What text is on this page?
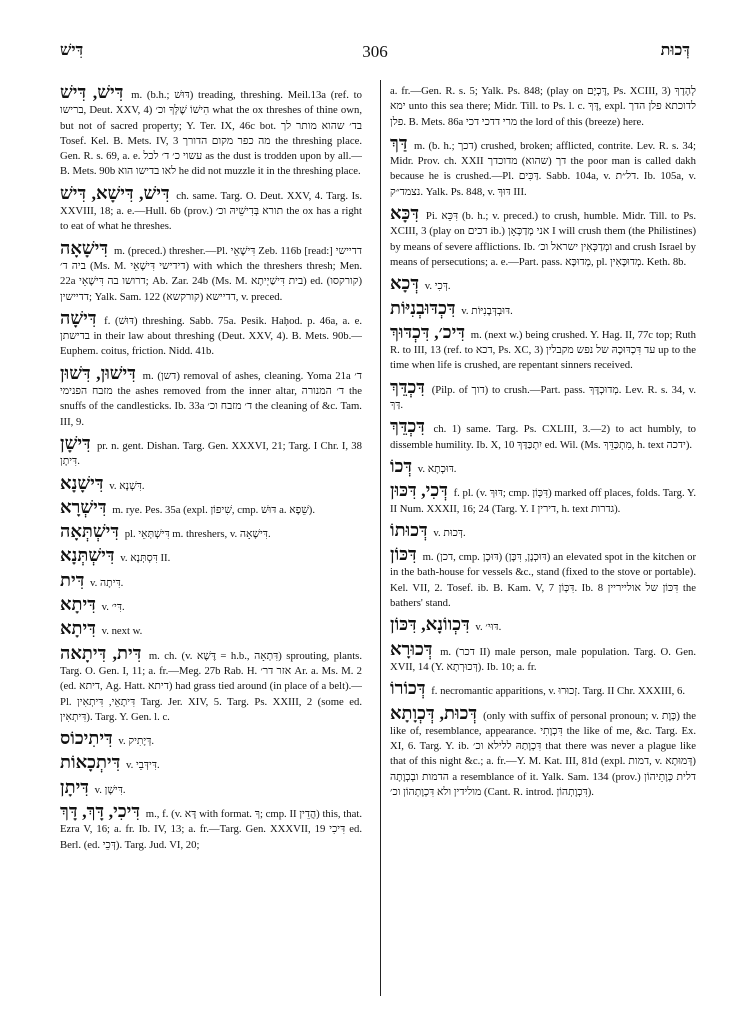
דִּישׁ	306	דְּכוּת

דִּישׁ, דִּישׁ m. (b.h.; דּוּשׁ) treading, threshing. Meil.13a (ref. to ברישו, Deut. XXV, 4) הִישׁוֹ שֶׁלְּךָ וכ׳ what the ox threshes of thine own, but not of sacred property; Y. Ter. IX, 46c bot. בד׳ שהוא מותר לך Tosef. Kel. B. Mets. IV, 3 מה כפר מקום הדורך the threshing place. Gen. R. s. 69, a. e. עשוי כ׳ ד׳ לכל as the dust is trodden upon by all.—B. Mets. 90b לאו בדישו הוא he did not muzzle it in the threshing place.

דִּישׁ, דִּישָׁא, דִּישׁ ch. same. Targ. O. Deut. XXV, 4. Targ. Is. XXVIII, 18; a. e.—Hull. 6b (prov.) תורא בְּדִישֵׁיהּ וכ׳ the ox has a right to eat of what he threshes.

דִּישָׁאָה m. (preced.) thresher.—Pl. דִּישָׁאֵי Zeb. 116b [read:] דדיישי ביה ד׳ (Ms. M. דידישי דִּישָׁאֵי) with which the threshers thresh; Men. 22a דרושו בה דִּישָׁאֵי; Ab. Zar. 24b (Ms. M. בית דִּישַׁיְיתָא) ed. (קורקסו) דדיישין; Yalk. Sam. 122 (קורקשא) דדיישא, v. preced.

דִּישָׁה f. (דּוּשׁ) threshing. Sabb. 75a. Pesik. Haḥod. p. 46a, a. e. בדישתן in their law about threshing (Deut. XXV, 4). B. Mets. 90b.—Euphem. coitus, friction. Nidd. 41b.

דִּישׁוּן, דִּשׁוּן m. (דשן) removal of ashes, cleaning. Yoma 21a ד׳ מזבח הפנימי the ashes removed from the inner altar, ד׳ המנורה the snuffs of the candlesticks. Ib. 33a ד׳ מזבח וכ׳ the cleaning of &c. Tam. III, 9.

דִּישָׁן pr. n. gent. Dishan. Targ. Gen. XXXVI, 21; Targ. I Chr. I, 38 דִּיתָן.

דִּישָׁנָא v. דִּשְׁנָא.

דִּישְׁרָא m. rye. Pes. 35a (expl. שִׁיפוֹן, cmp. דּוּשׁ a. שֵׁפָא).

דִּישְׁתְּאָה pl. דִּישְׁתְּאֵי m. threshers, v. דִּישָׁאָה.

דִּישְׁתְּנָא v. דִּסְתְּנָא II.

דִּית v. דִּיתָה.

דִּיתָא v. דִּי׳.

דִּיתָא v. next w.

דִּית, דִּיתָאה m. ch. (v. דֶּשֶׁא = h.b., דִּתְאָה) sprouting, plants. Targ. O. Gen. I, 11; a. fr.—Meg. 27b Rab. H. אזר דר׳ Ar. a. Ms. M. 2 (ed. דיתא, Ag. Hatt. דיתא) had grass tied around (in place of a belt).—Pl. דִּיתָאֵי, דִּיתְאִין Targ. Jer. XIV, 5. Targ. Ps. XXIII, 2 (some ed. דִּיתְאִין). Targ. Y. Gen. l. c.

דִּיתִיכוֹס v. דְּיָתִיק.

דִּיתְכָאוֹת v. דִּידְּבֵי.

דִּיתָן v. דִּישָׁן.

דִּיכִי, דָּךְ, דָּךְ m., f. (v. דָּא with format. ךְ; cmp. II הֲדֵין) this, that. Ezra V, 16; a. fr. Ib. IV, 13; a. fr.—Targ. Gen. XXXVII, 19 דִּיכִי ed. Berl. (ed. דְּכֵי). Targ. Jud. VI, 20;

a. fr.—Gen. R. s. 5; Yalk. Ps. 848; (play on דָּכְיָם, Ps. XCIII, 3) לְהָדָךְ ימא unto this sea there; Midr. Till. to Ps. l. c. דָּךְ, expl. לדוכתא פלן הדך פלן. B. Mets. 86a מרי דדכי דכי the lord of this (breeze) here.

דַּךְ m. (b. h.; דכך) crushed, broken; afflicted, contrite. Lev. R. s. 34; Midr. Prov. ch. XXII דך (שהוא) מדוכדך the poor man is called dakh because he is crushed.—Pl. דַּכִּים. Sabb. 104a, v. דל״ת. Ib. 105a, v. נצמד״ק. Yalk. Ps. 848, v. דּוּךְ III.

דִּכָּא Pi. דִּכֵּא (b. h.; v. preced.) to crush, humble. Midr. Till. to Ps. XCIII, 3 (play on דכים ib.) אני מְדַכְּאָן I will crush them (the Philistines) by means of severe afflictions. Ib. ומְדַכְּאִין ישראל וכ׳ and crush Israel by means of persecutions; a. e.—Part. pass. מְדוּכָּא, pl. מְדוּכָּאִין. Keth. 8b.

דְּכָא v. דְּכִי.

דִּכְדּוּבְנִיּוֹת v. דּוּבְדְּבָנִיּוֹת.

דִּיכ׳, דִּכְדּוּךְ m. (next w.) being crushed. Y. Hag. II, 77c top; Ruth R. to III, 13 (ref. to דכא, Ps. XC, 3) עד דִּכְדּוּכָהּ של נפש מקבלין up to the time when life is crushed, are repentant sinners received.

דִּכְדֵּךְ (Pilp. of דוך) to crush.—Part. pass. מְדוּכְדָּךְ. Lev. R. s. 34, v. דַּךְ.

דִּכְדֵּךְ ch. 1) same. Targ. Ps. CXLIII, 3.—2) to act humbly, to dissemble humility. Ib. X, 10 יִתְכַּדַּךְ ed. Wil. (Ms. מִתְכַּדֵּךְ, h. text ידכה).

דְּכוֹ v. דּוּכְתָא.

דְּכִי, דִּכּוּן f. pl. (v. דּוּךְ; cmp. דִּכְּוֹן) marked off places, folds. Targ. Y. II Num. XXXII, 16; 24 (Targ. Y. I דירין, h. text גדרות).

דְּכוּתוֹ v. דְּכוּת.

דִּכּוֹן m. (דכן, cmp. דּוּכָן) (דּוּכְנָן, דִּכָּן) an elevated spot in the kitchen or in the bath-house for vessels &c., stand (fixed to the stove or portable). Kel. VII, 2. Tosef. ib. B. Kam. V, 7 דִּכְּוֹן. Ib. 8 דִּכּוֹן של אולייריין the bathers' stand.

דִּכְווֹנָא, דִּכּוֹן v. דּוּי׳.

דְּכוּרָא m. (דכר II) male person, male population. Targ. O. Gen. XVII, 14 (Y. דְּכוּרְתָא). Ib. 10; a. fr.

דְּכוֹרוֹ f. necromantic apparitions, v. זְכוּרוּ. Targ. II Chr. XXXIII, 6.

דְּכוּת, דְּכְוָתָא (only with suffix of personal pronoun; v. כְּוָת) the like of, resemblance, appearance. דִּכְוָתִי the like of me, &c. Targ. Ex. XI, 6. Targ. Y. ib. דִּכְוָתַהּ ללילא וכ׳ that there was never a plague like that of this night &c.; a. fr.—Y. M. Kat. III, 81d (expl. דמות, v. דְּמוּתָא) הדמות ובְכְוָתָה a resemblance of it. Yalk. Sam. 134 (prov.) דלית כְּוָתֵיהוֹן מולידין ולא דִּכְוָתְהוֹן וכ׳ (Cant. R. introd. דִּכְוָתְהוֹן).
